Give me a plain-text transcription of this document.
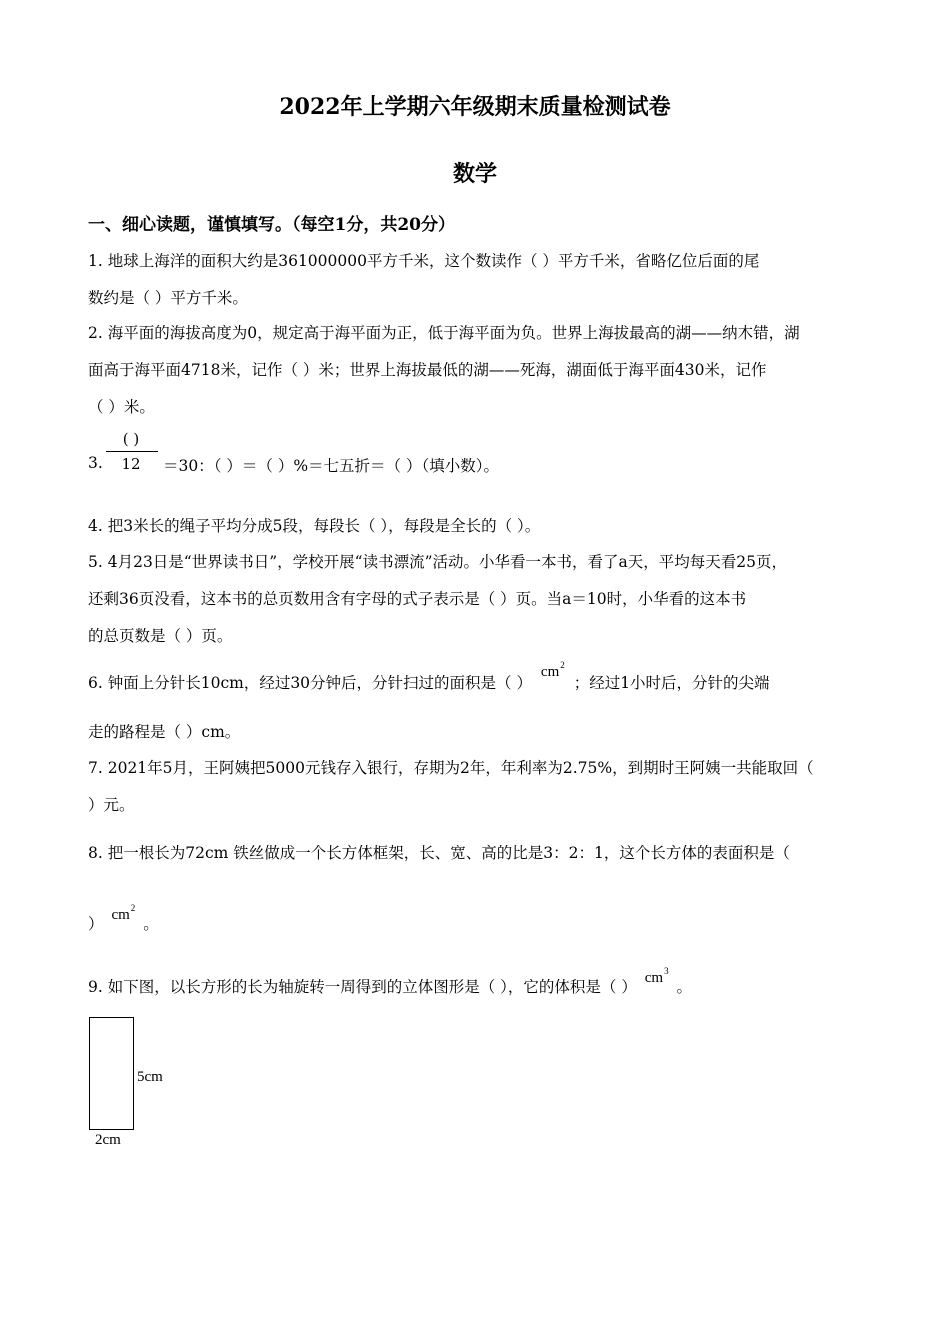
2022年上学期六年级期末质量检测试卷
数学
一、细心读题，谨慎填写。（每空1分，共20分）
1. 地球上海洋的面积大约是361000000平方千米，这个数读作（ ）平方千米，省略亿位后面的尾
数约是（ ）平方千米。
2. 海平面的海拔高度为0，规定高于海平面为正，低于海平面为负。世界上海拔最高的湖——纳木错，湖
面高于海平面4718米，记作（ ）米；世界上海拔最低的湖——死海，湖面低于海平面430米，记作
（ ）米。
3.
( )
12	＝30：（ ）＝（ ）%＝七五折＝（ ）（填小数）。
4. 把3米长的绳子平均分成5段，每段长（ ），每段是全长的（ ）。
5. 4月23日是“世界读书日”，学校开展“读书漂流”活动。小华看一本书，看了a天，平均每天看25页，
还剩36页没看，这本书的总页数用含有字母的式子表示是（ ）页。当a＝10时，小华看的这本书
的总页数是（ ）页。
6. 钟面上分针长10cm，经过30分钟后，分针扫过的面积是（ ） $cm^2$ ；经过1小时后，分针的尖端
走的路程是（ ）cm。
7. 2021年5月，王阿姨把5000元钱存入银行，存期为2年，年利率为2.75%，到期时王阿姨一共能取回（
）元。
8. 把一根长为72cm 铁丝做成一个长方体框架，长、宽、高的比是3：2：1，这个长方体的表面积是（
） $cm^2$ 。
9. 如下图，以长方形的长为轴旋转一周得到的立体图形是（ ），它的体积是（ ） $cm^3$ 。
5cm
2cm
